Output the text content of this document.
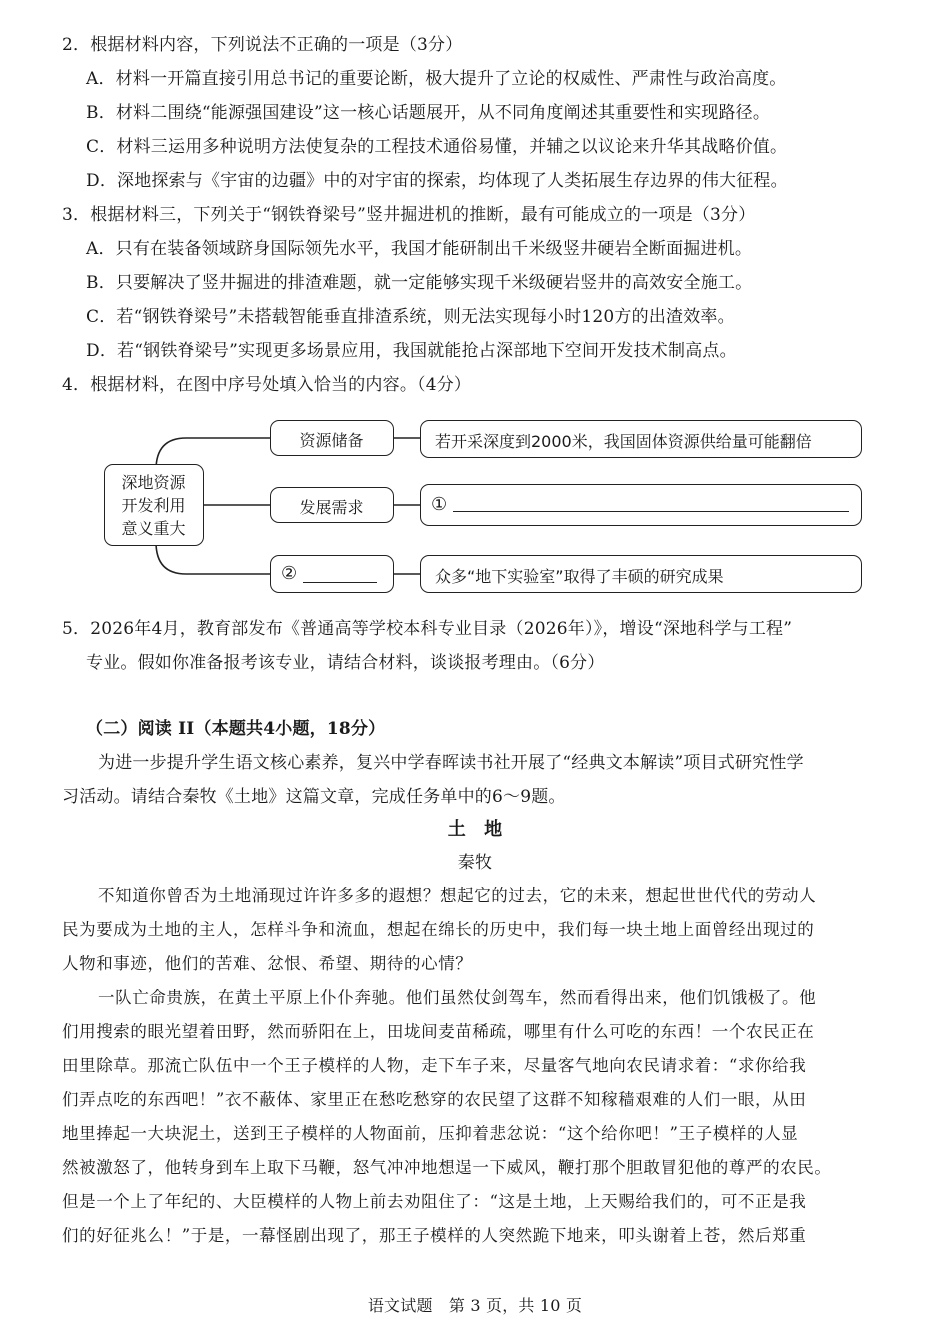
2．根据材料内容，下列说法不正确的一项是（3分）
A．材料一开篇直接引用总书记的重要论断，极大提升了立论的权威性、严肃性与政治高度。
B．材料二围绕“能源强国建设”这一核心话题展开，从不同角度阐述其重要性和实现路径。
C．材料三运用多种说明方法使复杂的工程技术通俗易懂，并辅之以议论来升华其战略价值。
D．深地探索与《宇宙的边疆》中的对宇宙的探索，均体现了人类拓展生存边界的伟大征程。
3．根据材料三，下列关于“钢铁脊梁号”竖井掘进机的推断，最有可能成立的一项是（3分）
A．只有在装备领域跻身国际领先水平，我国才能研制出千米级竖井硬岩全断面掘进机。
B．只要解决了竖井掘进的排渣难题，就一定能够实现千米级硬岩竖井的高效安全施工。
C．若“钢铁脊梁号”未搭载智能垂直排渣系统，则无法实现每小时120方的出渣效率。
D．若“钢铁脊梁号”实现更多场景应用，我国就能抢占深部地下空间开发技术制高点。
4．根据材料，在图中序号处填入恰当的内容。（4分）
深地资源
开发利用
意义重大
资源储备	若开采深度到2000米，我国固体资源供给量可能翻倍
发展需求	①
②	众多“地下实验室”取得了丰硕的研究成果
5．2026年4月，教育部发布《普通高等学校本科专业目录（2026年）》，增设“深地科学与工程”
专业。假如你准备报考该专业，请结合材料，谈谈报考理由。（6分）
（二）阅读 II（本题共4小题，18分）
为进一步提升学生语文核心素养，复兴中学春晖读书社开展了“经典文本解读”项目式研究性学
习活动。请结合秦牧《土地》这篇文章，完成任务单中的6～9题。
土　地
秦牧
不知道你曾否为土地涌现过许许多多的遐想？想起它的过去，它的未来，想起世世代代的劳动人
民为要成为土地的主人，怎样斗争和流血，想起在绵长的历史中，我们每一块土地上面曾经出现过的
人物和事迹，他们的苦难、忿恨、希望、期待的心情？
一队亡命贵族，在黄土平原上仆仆奔驰。他们虽然仗剑驾车，然而看得出来，他们饥饿极了。他
们用搜索的眼光望着田野，然而骄阳在上，田垅间麦苗稀疏，哪里有什么可吃的东西！一个农民正在
田里除草。那流亡队伍中一个王子模样的人物，走下车子来，尽量客气地向农民请求着：“求你给我
们弄点吃的东西吧！”衣不蔽体、家里正在愁吃愁穿的农民望了这群不知稼穑艰难的人们一眼，从田
地里捧起一大块泥土，送到王子模样的人物面前，压抑着悲忿说：“这个给你吧！”王子模样的人显
然被激怒了，他转身到车上取下马鞭，怒气冲冲地想逞一下威风，鞭打那个胆敢冒犯他的尊严的农民。
但是一个上了年纪的、大臣模样的人物上前去劝阻住了：“这是土地，上天赐给我们的，可不正是我
们的好征兆么！”于是，一幕怪剧出现了，那王子模样的人突然跪下地来，叩头谢着上苍，然后郑重
语文试题　第 3 页，共 10 页
